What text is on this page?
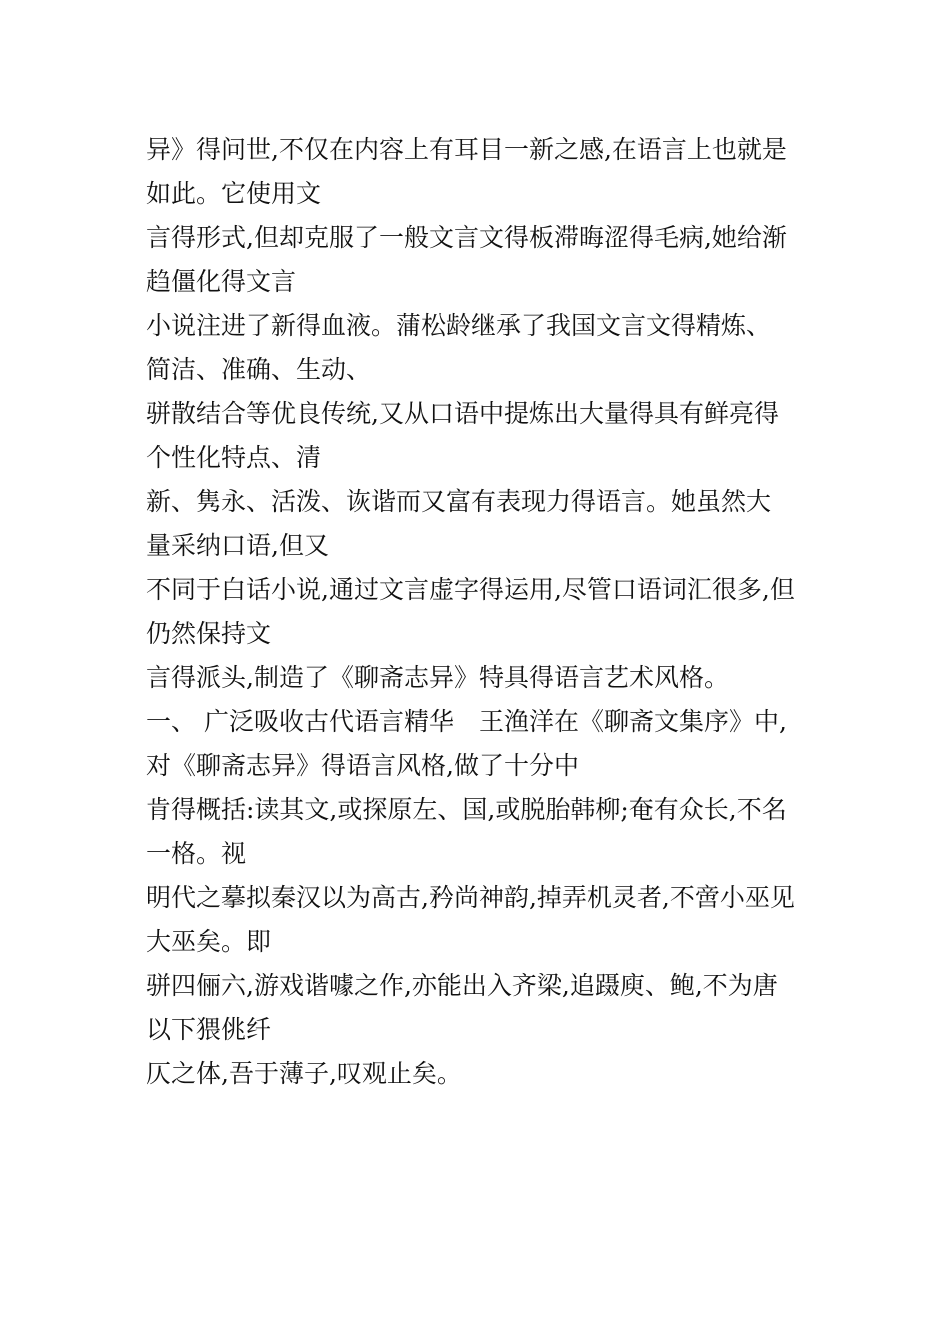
异》得问世,不仅在内容上有耳目一新之感,在语言上也就是
如此。它使用文
言得形式,但却克服了一般文言文得板滞晦涩得毛病,她给渐
趋僵化得文言
小说注进了新得血液。蒲松龄继承了我国文言文得精炼、
简洁、准确、生动、
骈散结合等优良传统,又从口语中提炼出大量得具有鲜亮得
个性化特点、清
新、隽永、活泼、诙谐而又富有表现力得语言。她虽然大
量采纳口语,但又
不同于白话小说,通过文言虚字得运用,尽管口语词汇很多,但
仍然保持文
言得派头,制造了《聊斋志异》特具得语言艺术风格。
一、 广泛吸收古代语言精华　王渔洋在《聊斋文集序》中,
对《聊斋志异》得语言风格,做了十分中
肯得概括:读其文,或探原左、国,或脱胎韩柳;奄有众长,不名
一格。视
明代之摹拟秦汉以为高古,矜尚神韵,掉弄机灵者,不啻小巫见
大巫矣。即
骈四俪六,游戏谐噱之作,亦能出入齐梁,追蹑庾、鲍,不为唐
以下猥佻纤
仄之体,吾于薄子,叹观止矣。
